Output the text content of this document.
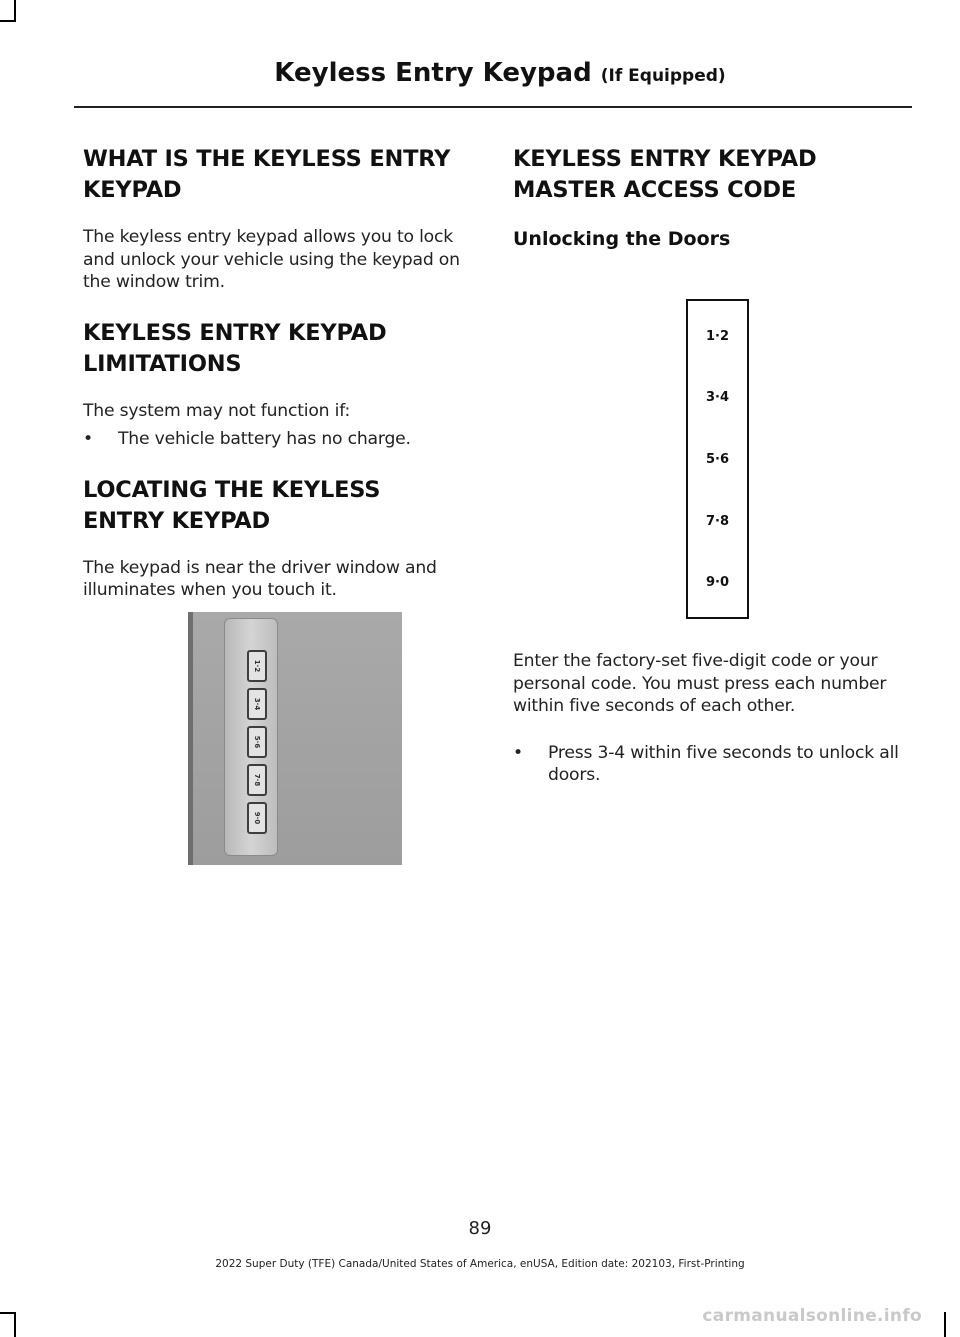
Keyless Entry Keypad (If Equipped)
WHAT IS THE KEYLESS ENTRY
KEYPAD

The keyless entry keypad allows you to lock and unlock your vehicle using the keypad on the window trim.

KEYLESS ENTRY KEYPAD
LIMITATIONS

The system may not function if:

• The vehicle battery has no charge.

LOCATING THE KEYLESS
ENTRY KEYPAD

The keypad is near the driver window and illuminates when you touch it.

1·2
3·4
5·6
7·8
9·0
KEYLESS ENTRY KEYPAD
MASTER ACCESS CODE
Unlocking the Doors
1·2
3·4
5·6
7·8
9·0

Enter the factory-set five-digit code or your personal code. You must press each number within five seconds of each other.

• Press 3-4 within five seconds to unlock all doors.

89
2022 Super Duty (TFE) Canada/United States of America, enUSA, Edition date: 202103, First-Printing
carmanualsonline.info
